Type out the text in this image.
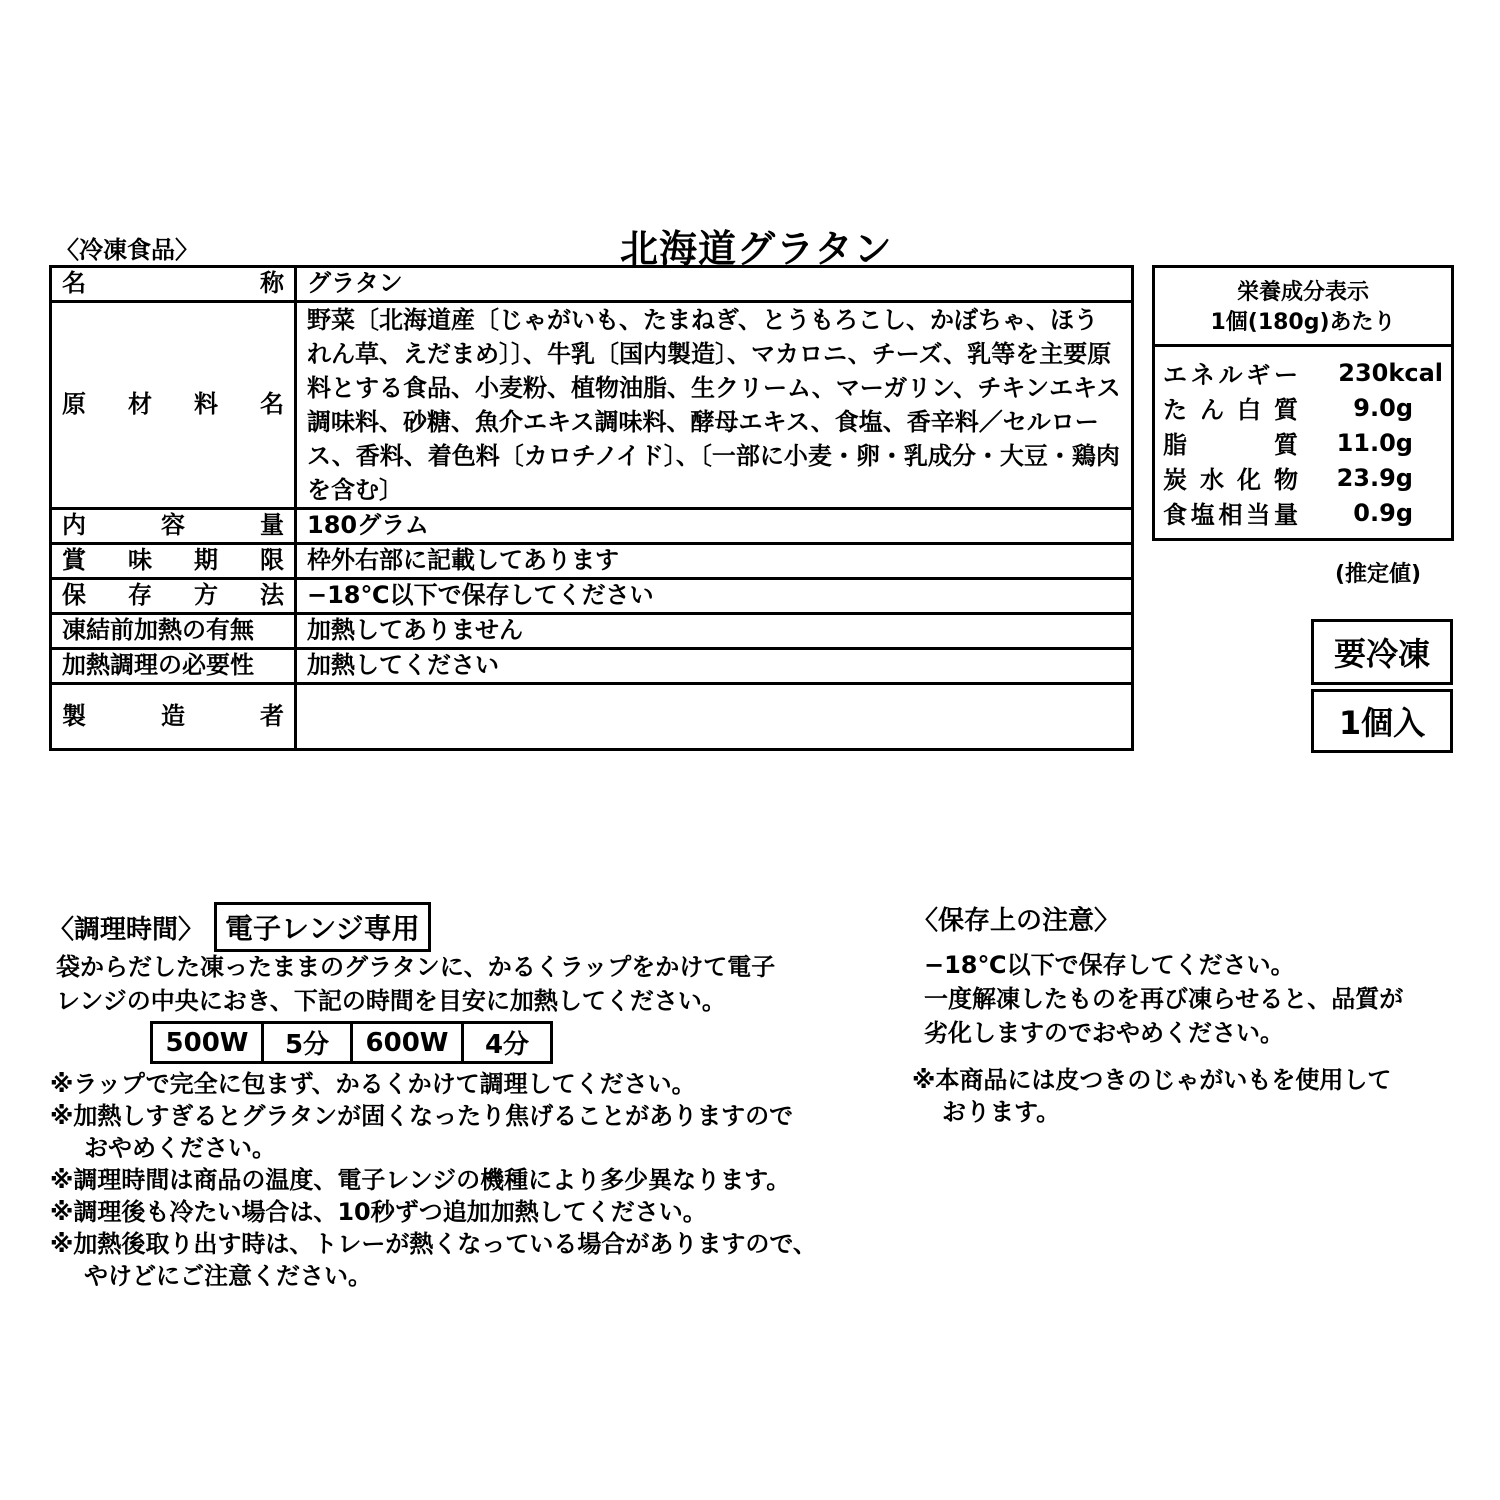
〈冷凍食品〉	北海道グラタン
名称	グラタン
原材料名	野菜〔北海道産〔じゃがいも、たまねぎ、とうもろこし、かぼちゃ、ほうれん草、えだまめ〕〕、牛乳〔国内製造〕、マカロニ、チーズ、乳等を主要原料とする食品、小麦粉、植物油脂、生クリーム、マーガリン、チキンエキス調味料、砂糖、魚介エキス調味料、酵母エキス、食塩、香辛料／セルロース、香料、着色料〔カロチノイド〕、〔一部に小麦・卵・乳成分・大豆・鶏肉を含む〕
内容量	180グラム
賞味期限	枠外右部に記載してあります
保存方法	−18℃以下で保存してください
凍結前加熱の有無	加熱してありません
加熱調理の必要性	加熱してください
製造者	
栄養成分表示
1個(180g)あたり
エネルギー	230kcal
たん白質	9.0g
脂質	11.0g
炭水化物	23.9g
食塩相当量	0.9g
(推定値)
要冷凍
1個入
〈調理時間〉 電子レンジ専用
袋からだした凍ったままのグラタンに、かるくラップをかけて電子
レンジの中央におき、下記の時間を目安に加熱してください。
500W	5分	600W	4分

※ラップで完全に包まず、かるくかけて調理してください。

※加熱しすぎるとグラタンが固くなったり焦げることがありますので

おやめください。

※調理時間は商品の温度、電子レンジの機種により多少異なります。

※調理後も冷たい場合は、10秒ずつ追加加熱してください。

※加熱後取り出す時は、トレーが熱くなっている場合がありますので、

やけどにご注意ください。

〈保存上の注意〉

−18℃以下で保存してください。

一度解凍したものを再び凍らせると、品質が

劣化しますのでおやめください。

※本商品には皮つきのじゃがいもを使用して

おります。
